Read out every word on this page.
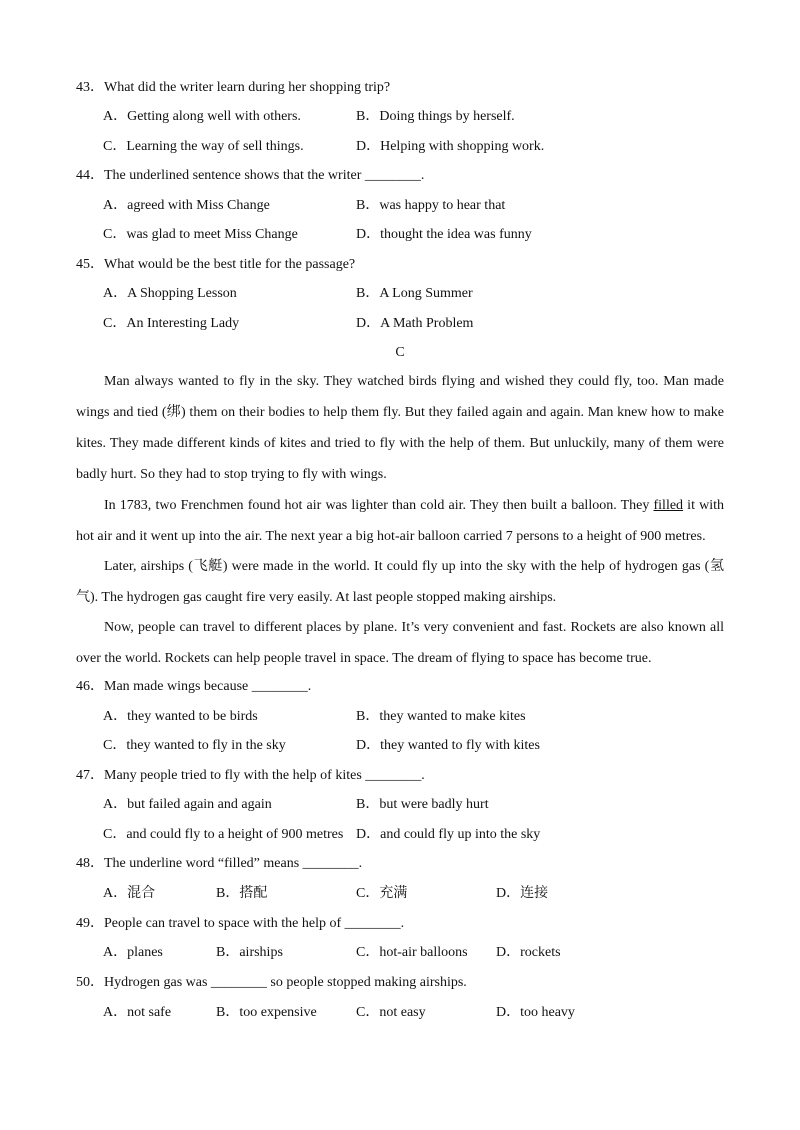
43．What did the writer learn during her shopping trip?
A．Getting along well with others.	B．Doing things by herself.
C．Learning the way of sell things.	D．Helping with shopping work.
44．The underlined sentence shows that the writer ________.
A．agreed with Miss Change	B．was happy to hear that
C．was glad to meet Miss Change	D．thought the idea was funny
45．What would be the best title for the passage?
A．A Shopping Lesson	B．A Long Summer
C．An Interesting Lady	D．A Math Problem
C
Man always wanted to fly in the sky. They watched birds flying and wished they could fly, too. Man made wings and tied (绑) them on their bodies to help them fly. But they failed again and again. Man knew how to make kites. They made different kinds of kites and tried to fly with the help of them. But unluckily, many of them were badly hurt. So they had to stop trying to fly with wings.
In 1783, two Frenchmen found hot air was lighter than cold air. They then built a balloon. They filled it with hot air and it went up into the air. The next year a big hot-air balloon carried 7 persons to a height of 900 metres.
Later, airships (飞艇) were made in the world. It could fly up into the sky with the help of hydrogen gas (氢气). The hydrogen gas caught fire very easily. At last people stopped making airships.
Now, people can travel to different places by plane. It’s very convenient and fast. Rockets are also known all over the world. Rockets can help people travel in space. The dream of flying to space has become true.
46．Man made wings because ________.
A．they wanted to be birds	B．they wanted to make kites
C．they wanted to fly in the sky	D．they wanted to fly with kites
47．Many people tried to fly with the help of kites ________.
A．but failed again and again	B．but were badly hurt
C．and could fly to a height of 900 metres D．and could fly up into the sky
48．The underline word “filled” means ________.
A．混合	B．搭配	C．充满	D．连接
49．People can travel to space with the help of ________.
A．planes	B．airships	C．hot-air balloons D．rockets
50．Hydrogen gas was ________ so people stopped making airships.
A．not safe	B．too expensive	C．not easy	D．too heavy
